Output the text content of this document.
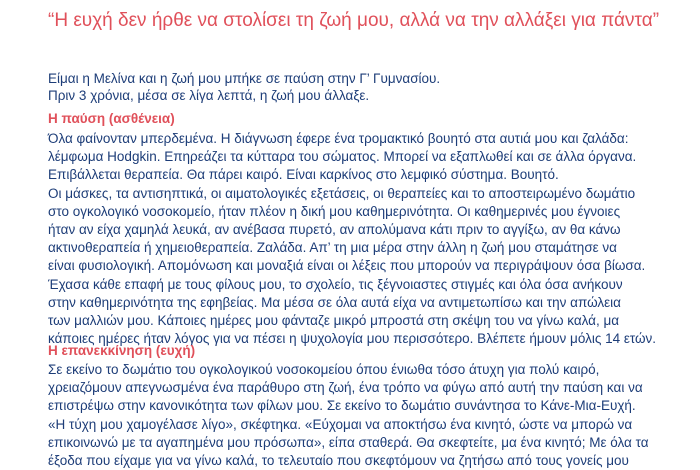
“Η ευχή δεν ήρθε να στολίσει τη ζωή μου, αλλά να την αλλάξει για πάντα”
Είμαι η Μελίνα και η ζωή μου μπήκε σε παύση στην Γ’ Γυμνασίου.
Πριν 3 χρόνια, μέσα σε λίγα λεπτά, η ζωή μου άλλαξε.
Η παύση (ασθένεια)
Όλα φαίνονταν μπερδεμένα. Η διάγνωση έφερε ένα τρομακτικό βουητό στα αυτιά μου και ζαλάδα:
λέμφωμα Hodgkin. Επηρεάζει τα κύτταρα του σώματος. Μπορεί να εξαπλωθεί και σε άλλα όργανα.
Επιβάλλεται θεραπεία. Θα πάρει καιρό. Είναι καρκίνος στο λεμφικό σύστημα. Βουητό.
Οι μάσκες, τα αντισηπτικά, οι αιματολογικές εξετάσεις, οι θεραπείες και το αποστειρωμένο δωμάτιο
στο ογκολογικό νοσοκομείο, ήταν πλέον η δική μου καθημερινότητα. Οι καθημερινές μου έγνοιες
ήταν αν είχα χαμηλά λευκά, αν ανέβασα πυρετό, αν απολύμανα κάτι πριν το αγγίξω, αν θα κάνω
ακτινοθεραπεία ή χημειοθεραπεία. Ζαλάδα. Απ’ τη μια μέρα στην άλλη η ζωή μου σταμάτησε να
είναι φυσιολογική. Απομόνωση και μοναξιά είναι οι λέξεις που μπορούν να περιγράψουν όσα βίωσα.
Έχασα κάθε επαφή με τους φίλους μου, το σχολείο, τις ξέγνοιαστες στιγμές και όλα όσα ανήκουν
στην καθημερινότητα της εφηβείας. Μα μέσα σε όλα αυτά είχα να αντιμετωπίσω και την απώλεια
των μαλλιών μου. Κάποιες ημέρες μου φάνταζε μικρό μπροστά στη σκέψη του να γίνω καλά, μα
κάποιες ημέρες ήταν λόγος για να πέσει η ψυχολογία μου περισσότερο. Βλέπετε ήμουν μόλις 14 ετών.
Η επανεκκίνηση (ευχή)
Σε εκείνο το δωμάτιο του ογκολογικού νοσοκομείου όπου ένιωθα τόσο άτυχη για πολύ καιρό,
χρειαζόμουν απεγνωσμένα ένα παράθυρο στη ζωή, ένα τρόπο να φύγω από αυτή την παύση και να
επιστρέψω στην κανονικότητα των φίλων μου. Σε εκείνο το δωμάτιο συνάντησα το Κάνε-Μια-Ευχή.
«Η τύχη μου χαμογέλασε λίγο», σκέφτηκα. «Εύχομαι να αποκτήσω ένα κινητό, ώστε να μπορώ να
επικοινωνώ με τα αγαπημένα μου πρόσωπα», είπα σταθερά. Θα σκεφτείτε, μα ένα κινητό; Με όλα τα
έξοδα που είχαμε για να γίνω καλά, το τελευταίο που σκεφτόμουν να ζητήσω από τους γονείς μου
